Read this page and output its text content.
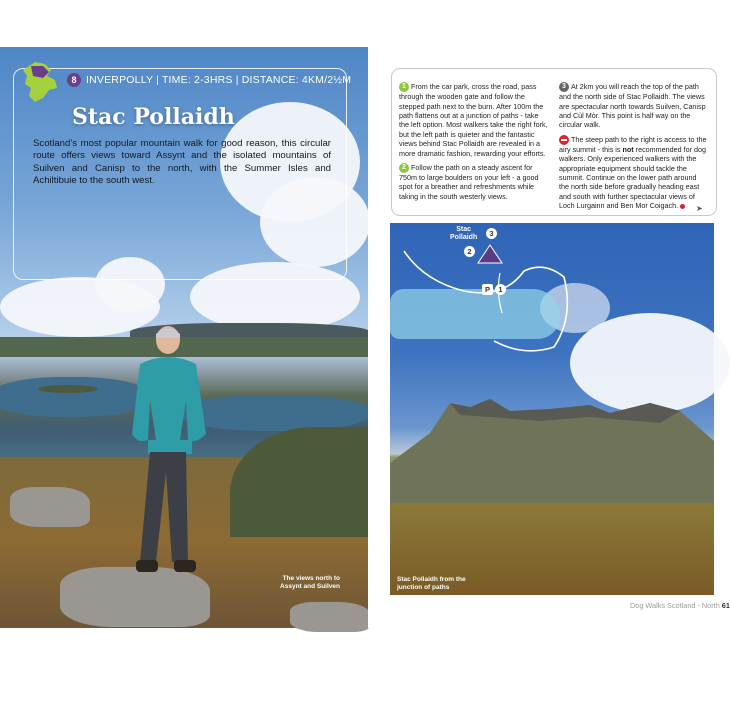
The views north to Assynt and Suilven
8 INVERPOLLY | TIME: 2-3HRS | DISTANCE: 4KM/2½M
Stac Pollaidh
Scotland’s most popular mountain walk for good reason, this circular route offers views toward Assynt and the isolated mountains of Suilven and Canisp to the north, with the Summer Isles and Achiltibuie to the south west.

1 From the car park, cross the road, pass through the wooden gate and follow the stepped path next to the burn. After 100m the path flattens out at a junction of paths - take the left option. Most walkers take the right fork, but the left path is quieter and the fantastic views behind Stac Pollaidh are revealed in a more dramatic fashion, rewarding your efforts.

2 Follow the path on a steady ascent for 750m to large boulders on your left - a good spot for a breather and refreshments while taking in the south westerly views.

3 At 2km you will reach the top of the path and the north side of Stac Pollaidh. The views are spectacular north towards Suilven, Canisp and Cùl Mòr. This point is half way on the circular walk.

The steep path to the right is access to the airy summit - this is not recommended for dog walkers. Only experienced walkers with the appropriate equipment should tackle the summit. Continue on the lower path around the north side before gradually heading east and south with further spectacular views of Loch Lurgainn and Ben Mor Coigach.	➤
Stac
Pollaidh	3
2
1
P
Stac Pollaidh from the junction of paths
Dog Walks Scotland - North 61
